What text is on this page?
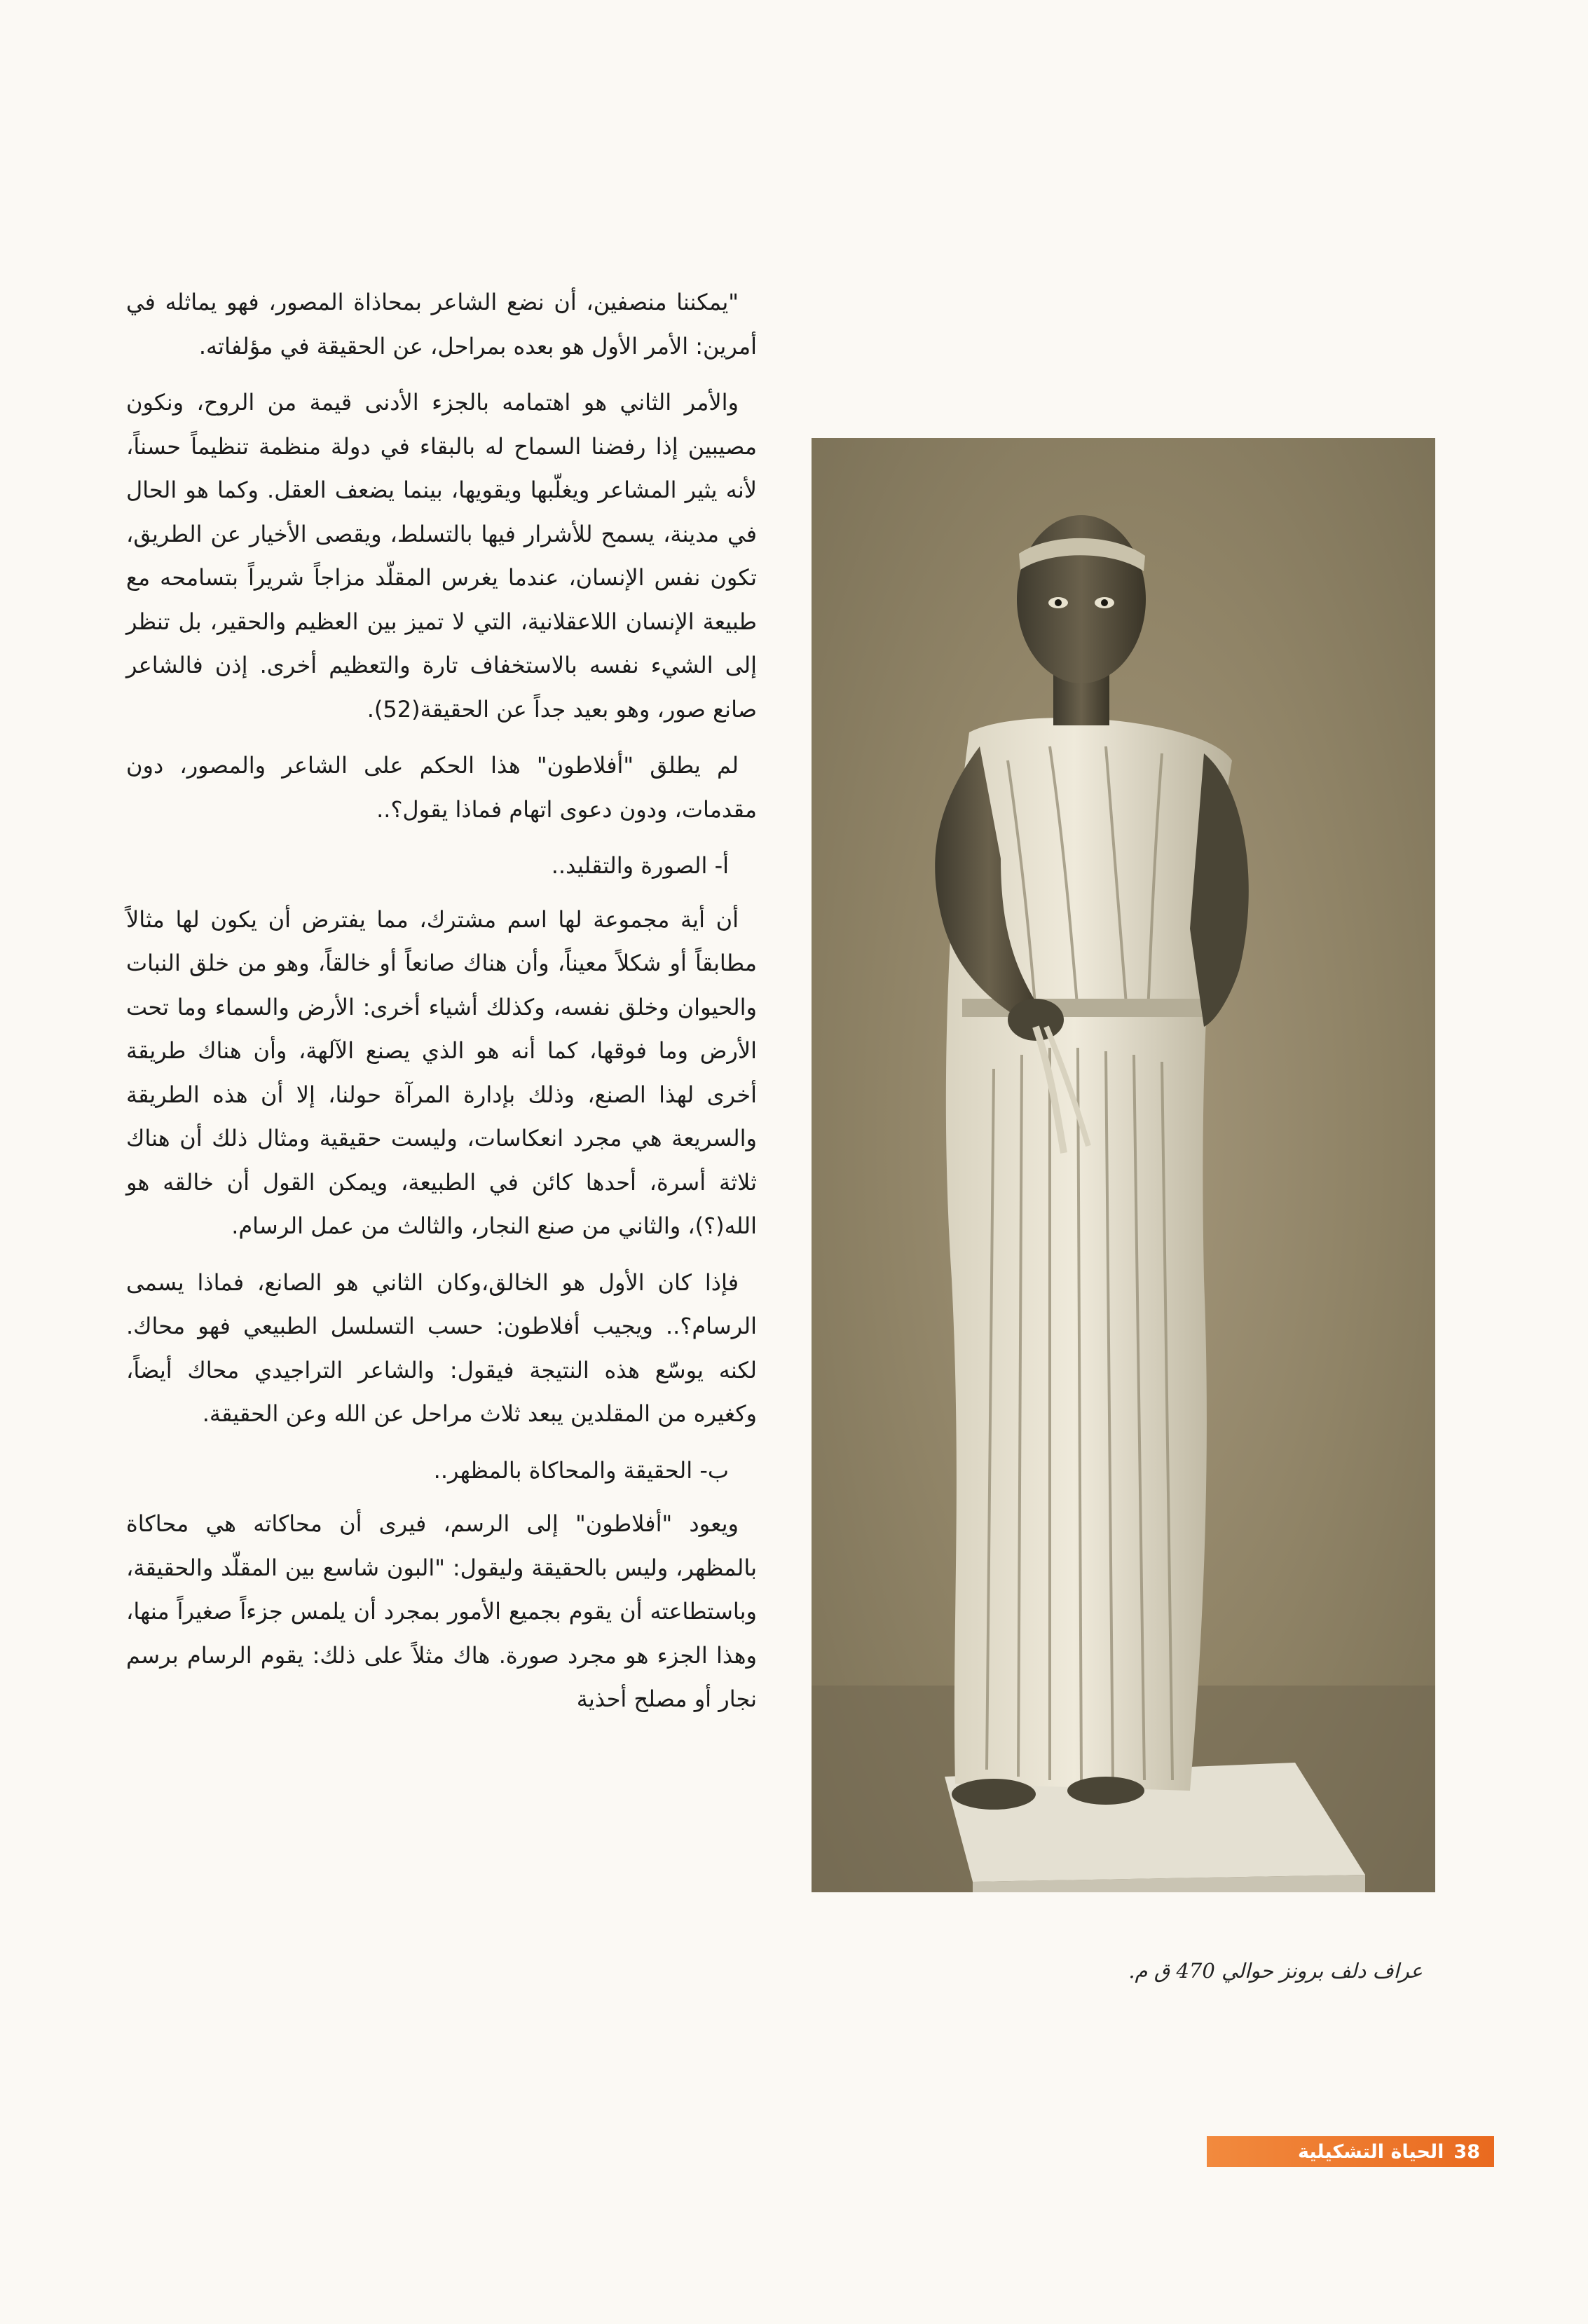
"يمكننا منصفين، أن نضع الشاعر بمحاذاة المصور، فهو يماثله في أمرين: الأمر الأول هو بعده بمراحل، عن الحقيقة في مؤلفاته.

والأمر الثاني هو اهتمامه بالجزء الأدنى قيمة من الروح، ونكون مصيبين إذا رفضنا السماح له بالبقاء في دولة منظمة تنظيماً حسناً، لأنه يثير المشاعر ويغلّبها ويقويها، بينما يضعف العقل. وكما هو الحال في مدينة، يسمح للأشرار فيها بالتسلط، ويقصى الأخيار عن الطريق، تكون نفس الإنسان، عندما يغرس المقلّد مزاجاً شريراً بتسامحه مع طبيعة الإنسان اللاعقلانية، التي لا تميز بين العظيم والحقير، بل تنظر إلى الشيء نفسه بالاستخفاف تارة والتعظيم أخرى. إذن فالشاعر صانع صور، وهو بعيد جداً عن الحقيقة(52).

لم يطلق "أفلاطون" هذا الحكم على الشاعر والمصور، دون مقدمات، ودون دعوى اتهام فماذا يقول؟..

أ- الصورة والتقليد..

أن أية مجموعة لها اسم مشترك، مما يفترض أن يكون لها مثالاً مطابقاً أو شكلاً معيناً، وأن هناك صانعاً أو خالقاً، وهو من خلق النبات والحيوان وخلق نفسه، وكذلك أشياء أخرى: الأرض والسماء وما تحت الأرض وما فوقها، كما أنه هو الذي يصنع الآلهة، وأن هناك طريقة أخرى لهذا الصنع، وذلك بإدارة المرآة حولنا، إلا أن هذه الطريقة والسريعة هي مجرد انعكاسات، وليست حقيقية ومثال ذلك أن هناك ثلاثة أسرة، أحدها كائن في الطبيعة، ويمكن القول أن خالقه هو الله(؟)، والثاني من صنع النجار، والثالث من عمل الرسام.

فإذا كان الأول هو الخالق،وكان الثاني هو الصانع، فماذا يسمى الرسام؟.. ويجيب أفلاطون: حسب التسلسل الطبيعي فهو محاك. لكنه يوسّع هذه النتيجة فيقول: والشاعر التراجيدي محاك أيضاً، وكغيره من المقلدين يبعد ثلاث مراحل عن الله وعن الحقيقة.

ب- الحقيقة والمحاكاة بالمظهر..

ويعود "أفلاطون" إلى الرسم، فيرى أن محاكاته هي محاكاة بالمظهر، وليس بالحقيقة وليقول: "البون شاسع بين المقلّد والحقيقة، وباستطاعته أن يقوم بجميع الأمور بمجرد أن يلمس جزءاً صغيراً منها، وهذا الجزء هو مجرد صورة. هاك مثلاً على ذلك: يقوم الرسام برسم نجار أو مصلح أحذية

عراف دلف برونز حوالي 470 ق م.
38
الحياة التشكيلية
